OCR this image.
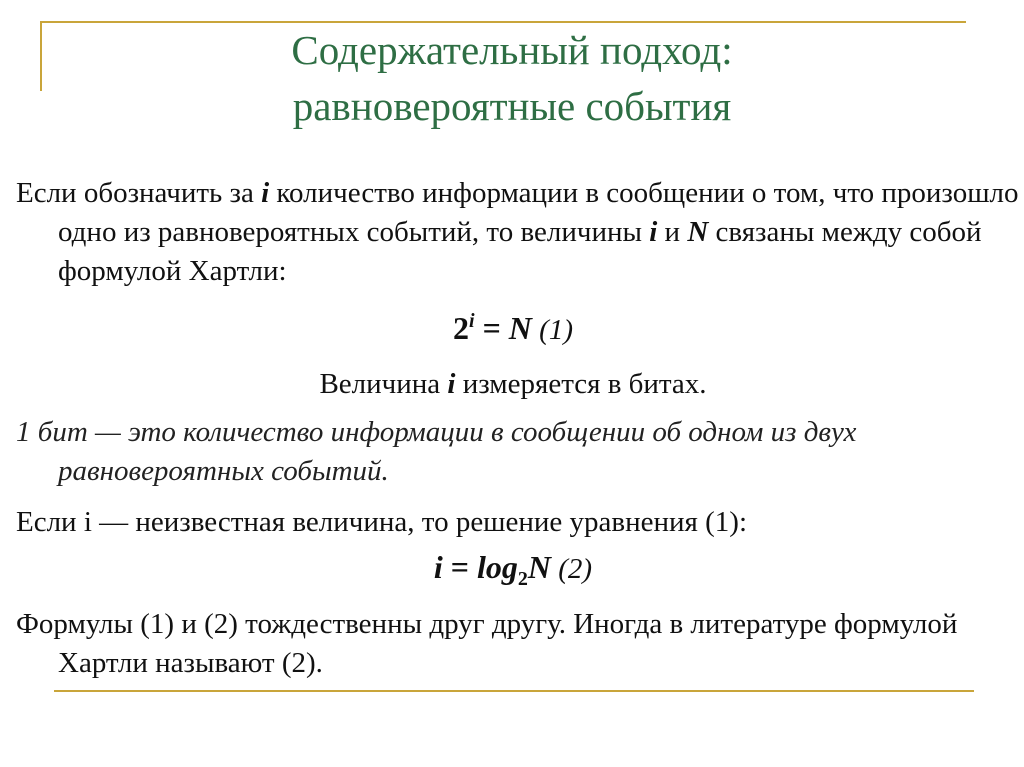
Содержательный подход:
равновероятные события

Если обозначить за i количество информации в сообщении о том, что произошло одно из равновероятных событий, то величины i и N связаны между собой формулой Хартли:

$2^i = N$ (1)

Величина i измеряется в битах.

1 бит — это количество информации в сообщении об одном из двух равновероятных событий.

Если i — неизвестная величина, то решение уравнения (1):

$i = \log_2N$ (2)

Формулы (1) и (2) тождественны друг другу. Иногда в литературе формулой Хартли называют (2).
